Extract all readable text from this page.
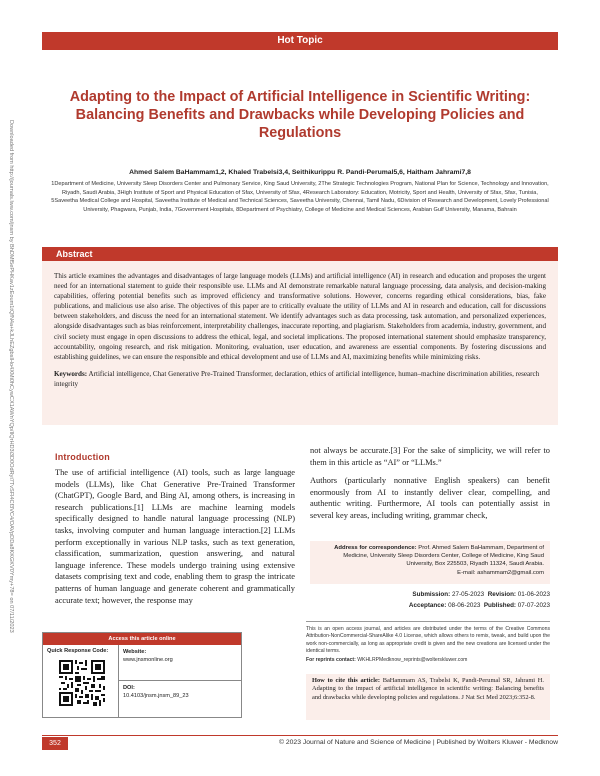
Downloaded from http://journals.lww.com/jnsm by BhDMf5ePHKav1zEoum1tQfN4a+kJLhEZgbsIHo4XMi0hCywCX1AWnYQp/IlQrHD3i3D0OdRyi7TvSFl4Cf3VC4/OAVpDDa8KKGKV0Ymy+78= on 07/11/2023
Hot Topic
Adapting to the Impact of Artificial Intelligence in Scientific Writing: Balancing Benefits and Drawbacks while Developing Policies and Regulations
Ahmed Salem BaHammam1,2, Khaled Trabelsi3,4, Seithikurippu R. Pandi-Perumal5,6, Haitham Jahrami7,8
1Department of Medicine, University Sleep Disorders Center and Pulmonary Service, King Saud University, 2The Strategic Technologies Program, National Plan for Science, Technology and Innovation, Riyadh, Saudi Arabia, 3High Institute of Sport and Physical Education of Sfax, University of Sfax, 4Research Laboratory: Education, Motricity, Sport and Health, University of Sfax, Sfax, Tunisia, 5Saveetha Medical College and Hospital, Saveetha Institute of Medical and Technical Sciences, Saveetha University, Chennai, Tamil Nadu, 6Division of Research and Development, Lovely Professional University, Phagwara, Punjab, India, 7Government Hospitals, 8Department of Psychiatry, College of Medicine and Medical Sciences, Arabian Gulf University, Manama, Bahrain
Abstract

This article examines the advantages and disadvantages of large language models (LLMs) and artificial intelligence (AI) in research and education and proposes the urgent need for an international statement to guide their responsible use. LLMs and AI demonstrate remarkable natural language processing, data analysis, and decision-making capabilities, offering potential benefits such as improved efficiency and transformative solutions. However, concerns regarding ethical considerations, bias, fake publications, and malicious use also arise. The objectives of this paper are to critically evaluate the utility of LLMs and AI in research and education, call for discussions between stakeholders, and discuss the need for an international statement. We identify advantages such as data processing, task automation, and personalized experiences, alongside disadvantages such as bias reinforcement, interpretability challenges, inaccurate reporting, and plagiarism. Stakeholders from academia, industry, government, and civil society must engage in open discussions to address the ethical, legal, and societal implications. The proposed international statement should emphasize transparency, accountability, ongoing research, and risk mitigation. Monitoring, evaluation, user education, and awareness are essential components. By fostering discussions and establishing guidelines, we can ensure the responsible and ethical development and use of LLMs and AI, maximizing benefits while minimizing risks.

Keywords: Artificial intelligence, Chat Generative Pre-Trained Transformer, declaration, ethics of artificial intelligence, human–machine discrimination abilities, research integrity

Introduction

The use of artificial intelligence (AI) tools, such as large language models (LLMs), like Chat Generative Pre-Trained Transformer (ChatGPT), Google Bard, and Bing AI, among others, is increasing in research publications.[1] LLMs are machine learning models specifically designed to handle natural language processing (NLP) tasks, involving computer and human language interaction.[2] LLMs perform exceptionally in various NLP tasks, such as text generation, classification, summarization, question answering, and natural language inference. These models undergo training using extensive datasets comprising text and code, enabling them to grasp the intricate patterns of human language and generate coherent and grammatically accurate text; however, the response may

not always be accurate.[3] For the sake of simplicity, we will refer to them in this article as “AI” or “LLMs.”

Authors (particularly nonnative English speakers) can benefit enormously from AI to instantly deliver clear, compelling, and authentic writing. Furthermore, AI tools can potentially assist in several key areas, including writing, grammar check,

Address for correspondence: Prof. Ahmed Salem BaHammam, Department of Medicine, University Sleep Disorders Center, College of Medicine, King Saud University, Box 225503, Riyadh 11324, Saudi Arabia.
E-mail: ashammam2@gmail.com
Submission: 27-05-2023 Revision: 01-06-2023
Acceptance: 08-06-2023 Published: 07-07-2023
This is an open access journal, and articles are distributed under the terms of the Creative Commons Attribution-NonCommercial-ShareAlike 4.0 License, which allows others to remix, tweak, and build upon the work non-commercially, as long as appropriate credit is given and the new creations are licensed under the identical terms.
For reprints contact: WKHLRPMedknow_reprints@wolterskluwer.com
How to cite this article: BaHammam AS, Trabelsi K, Pandi-Perumal SR, Jahrami H. Adapting to the impact of artificial intelligence in scientific writing: Balancing benefits and drawbacks while developing policies and regulations. J Nat Sci Med 2023;6:352-8.
Access this article online
Quick Response Code:	Website:
www.jnsmonline.org
DOI:
10.4103/jnsm.jnsm_89_23
352	© 2023 Journal of Nature and Science of Medicine | Published by Wolters Kluwer - Medknow
